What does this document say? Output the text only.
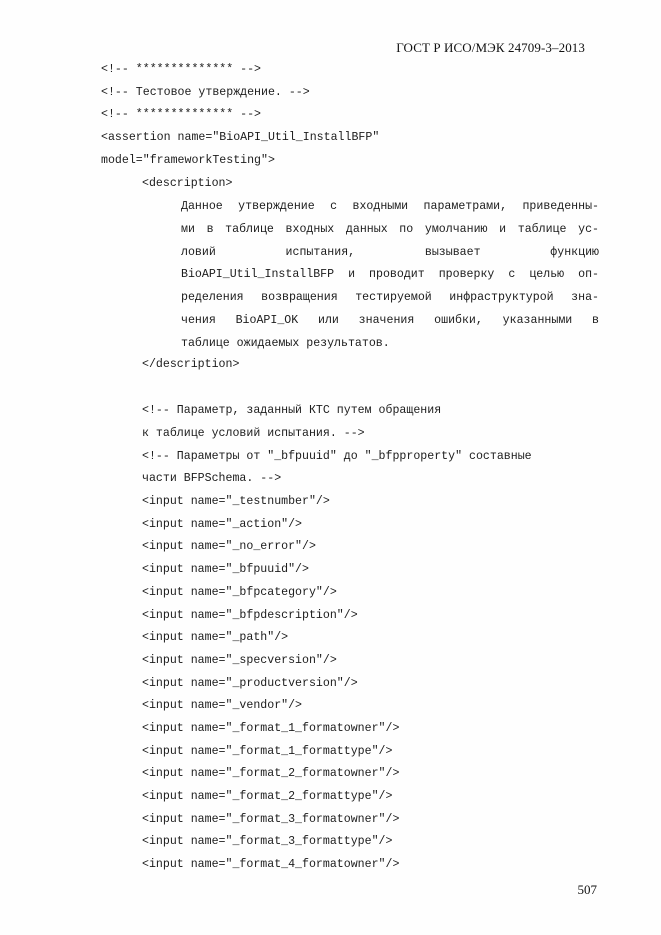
ГОСТ Р ИСО/МЭК 24709-3–2013

<!-- ************** -->

<!-- Тестовое утверждение. -->

<!-- ************** -->

<assertion name="BioAPI_Util_InstallBFP"

model="frameworkTesting">

<description>

Данное утверждение с входными параметрами, приведенны-

ми в таблице входных данных по умолчанию и таблице ус-

ловий испытания, вызывает функцию

BioAPI_Util_InstallBFP и проводит проверку с целью оп-

ределения возвращения тестируемой инфраструктурой зна-

чения BioAPI_OK или значения ошибки, указанными в

таблице ожидаемых результатов.

</description>

<!-- Параметр, заданный КТС путем обращения

к таблице условий испытания. -->

<!-- Параметры от "_bfpuuid" до "_bfpproperty" составные

части BFPSchema. -->

<input name="_testnumber"/>

<input name="_action"/>

<input name="_no_error"/>

<input name="_bfpuuid"/>

<input name="_bfpcategory"/>

<input name="_bfpdescription"/>

<input name="_path"/>

<input name="_specversion"/>

<input name="_productversion"/>

<input name="_vendor"/>

<input name="_format_1_formatowner"/>

<input name="_format_1_formattype"/>

<input name="_format_2_formatowner"/>

<input name="_format_2_formattype"/>

<input name="_format_3_formatowner"/>

<input name="_format_3_formattype"/>

<input name="_format_4_formatowner"/>

507
